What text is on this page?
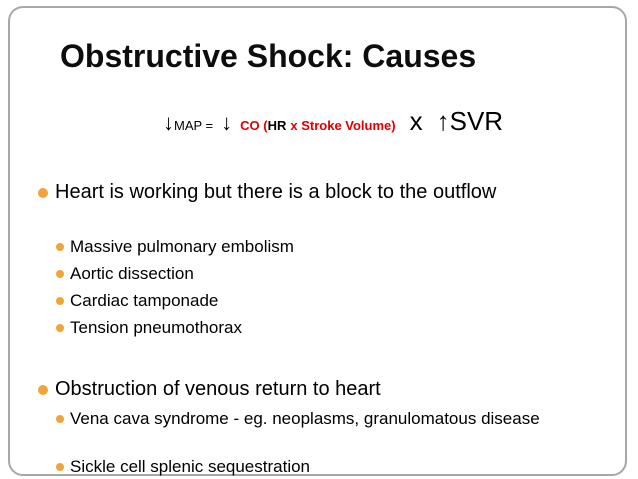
Obstructive Shock: Causes
↓ MAP = ↓ CO ( HR x Stroke Volume) x ↑ SVR
Heart is working but there is a block to the outflow
Massive pulmonary embolism
Aortic dissection
Cardiac tamponade
Tension pneumothorax
Obstruction of venous return to heart
Vena cava syndrome - eg. neoplasms, granulomatous disease
Sickle cell splenic sequestration
